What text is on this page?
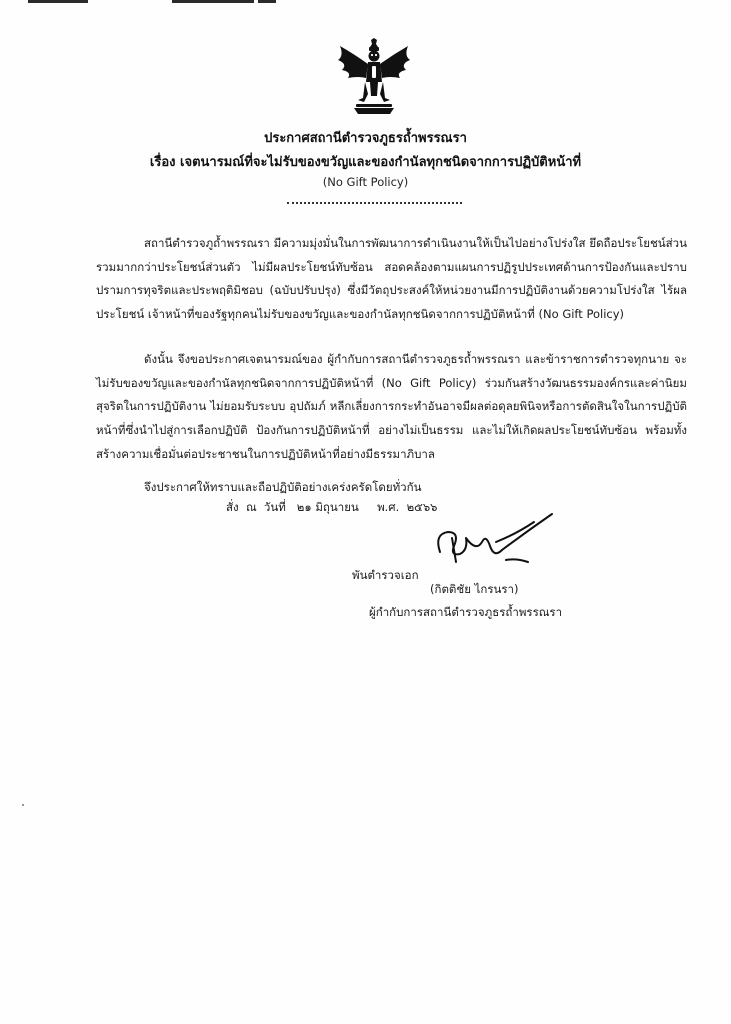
ประกาศสถานีตำรวจภูธรถ้ำพรรณรา
เรื่อง เจตนารมณ์ที่จะไม่รับของขวัญและของกำนัลทุกชนิดจากการปฏิบัติหน้าที่
(No Gift Policy)

สถานีตำรวจภูถ้ำพรรณรา มีความมุ่งมั่นในการพัฒนาการดำเนินงานให้เป็นไปอย่างโปร่งใส ยึดถือประโยชน์ส่วนรวมมากกว่าประโยชน์ส่วนตัว ไม่มีผลประโยชน์ทับซ้อน สอดคล้องตามแผนการปฏิรูปประเทศด้านการป้องกันและปราบปรามการทุจริตและประพฤติมิชอบ (ฉบับปรับปรุง) ซึ่งมีวัตถุประสงค์ให้หน่วยงานมีการปฏิบัติงานด้วยความโปร่งใส ไร้ผลประโยชน์ เจ้าหน้าที่ของรัฐทุกคนไม่รับของขวัญและของกำนัลทุกชนิดจากการปฏิบัติหน้าที่ (No Gift Policy)

ดังนั้น จึงขอประกาศเจตนารมณ์ของ ผู้กำกับการสถานีตำรวจภูธรถ้ำพรรณรา และข้าราชการตำรวจทุกนาย จะไม่รับของขวัญและของกำนัลทุกชนิดจากการปฏิบัติหน้าที่ (No Gift Policy) ร่วมกันสร้างวัฒนธรรมองค์กรและค่านิยมสุจริตในการปฏิบัติงาน ไม่ยอมรับระบบ อุปถัมภ์ หลีกเลี่ยงการกระทำอันอาจมีผลต่อดุลยพินิจหรือการตัดสินใจในการปฏิบัติหน้าที่ซึ่งนำไปสู่การเลือกปฏิบัติ ป้องกันการปฏิบัติหน้าที่ อย่างไม่เป็นธรรม และไม่ให้เกิดผลประโยชน์ทับซ้อน พร้อมทั้งสร้างความเชื่อมั่นต่อประชาชนในการปฏิบัติหน้าที่อย่างมีธรรมาภิบาล

จึงประกาศให้ทราบและถือปฏิบัติอย่างเคร่งครัดโดยทั่วกัน

สั่ง  ณ  วันที่   ๒๑ มิถุนายน     พ.ศ.  ๒๕๖๖
พันตำรวจเอก
(กิตติชัย ไกรนรา)
ผู้กำกับการสถานีตำรวจภูธรถ้ำพรรณรา
